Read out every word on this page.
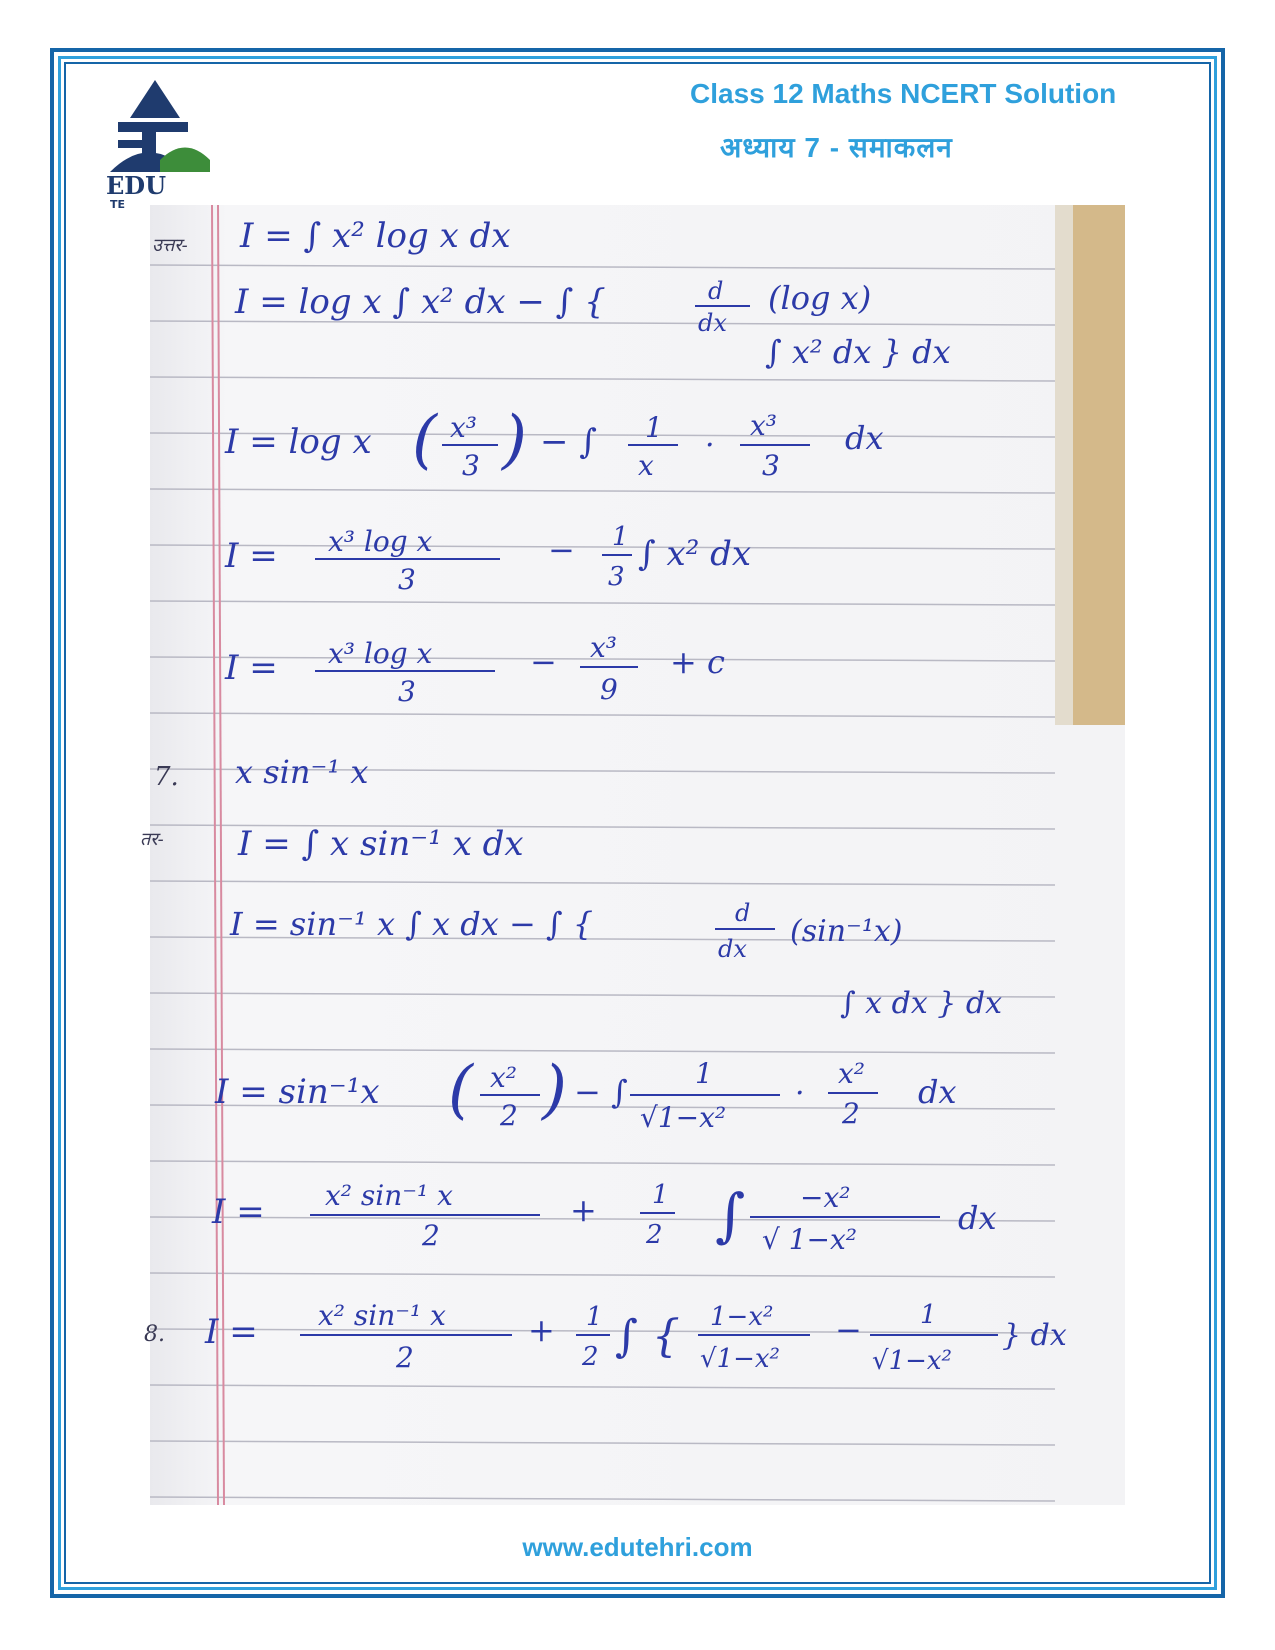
EDU
TE
Class 12 Maths NCERT Solution
अध्याय 7 - समाकलन
उत्तर- I = ∫ x² log x dx
I = log x ∫ x² dx − ∫ {	d
dx
(log x)
∫ x² dx } dx
I = log x ( x³
3 ) − ∫ 1
x
·
x³
3
dx
I = x³ log x
3
− 1
3
∫ x² dx
I = x³ log x
3
− x³
9
+ c
7. x sin⁻¹ x
तर- I = ∫ x sin⁻¹ x dx
I = sin⁻¹ x ∫ x dx − ∫ {	d
dx (sin⁻¹x)
∫ x dx } dx
I = sin⁻¹x ( x²
2 ) − ∫ 1
√1−x²
·
x²
2
dx
I = x² sin⁻¹ x
2
+ 1
2 ∫ −x²
√ 1−x²
dx
8. I = x² sin⁻¹ x
2
+ 1
2 ∫ { 1−x²
√1−x²
− 1
√1−x²
} dx
www.edutehri.com
